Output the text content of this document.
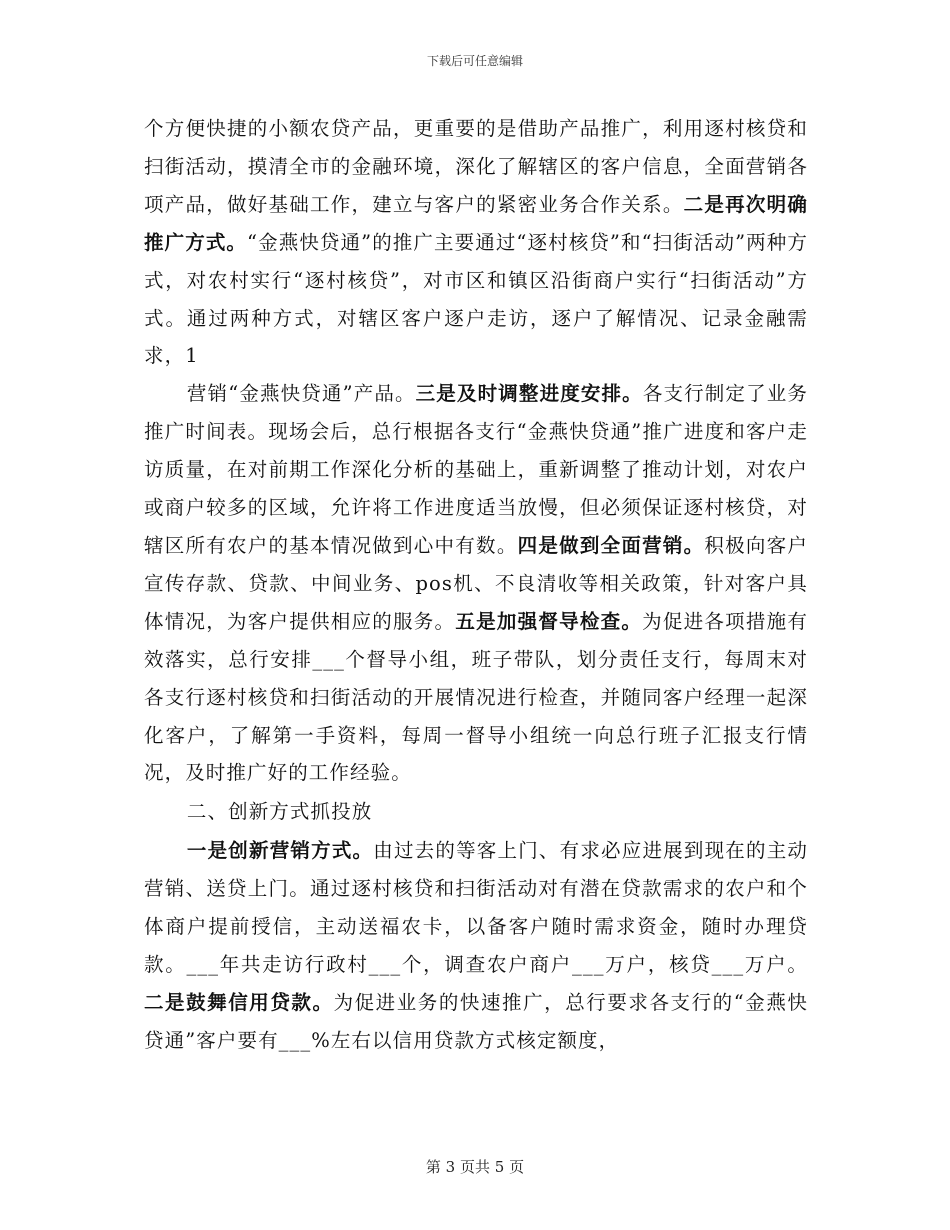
下载后可任意编辑

个方便快捷的小额农贷产品，更重要的是借助产品推广，利用逐村核贷和扫街活动，摸清全市的金融环境，深化了解辖区的客户信息，全面营销各项产品，做好基础工作，建立与客户的紧密业务合作关系。二是再次明确推广方式。“金燕快贷通”的推广主要通过“逐村核贷”和“扫街活动”两种方式，对农村实行“逐村核贷”，对市区和镇区沿街商户实行“扫街活动”方式。通过两种方式，对辖区客户逐户走访，逐户了解情况、记录金融需求，1

营销“金燕快贷通”产品。三是及时调整进度安排。各支行制定了业务推广时间表。现场会后，总行根据各支行“金燕快贷通”推广进度和客户走访质量，在对前期工作深化分析的基础上，重新调整了推动计划，对农户或商户较多的区域，允许将工作进度适当放慢，但必须保证逐村核贷，对辖区所有农户的基本情况做到心中有数。四是做到全面营销。积极向客户宣传存款、贷款、中间业务、pos机、不良清收等相关政策，针对客户具体情况，为客户提供相应的服务。五是加强督导检查。为促进各项措施有效落实，总行安排___个督导小组，班子带队，划分责任支行，每周末对各支行逐村核贷和扫街活动的开展情况进行检查，并随同客户经理一起深化客户，了解第一手资料，每周一督导小组统一向总行班子汇报支行情况，及时推广好的工作经验。

二、创新方式抓投放

一是创新营销方式。由过去的等客上门、有求必应进展到现在的主动营销、送贷上门。通过逐村核贷和扫街活动对有潜在贷款需求的农户和个体商户提前授信，主动送福农卡，以备客户随时需求资金，随时办理贷款。___年共走访行政村___个，调查农户商户___万户，核贷___万户。二是鼓舞信用贷款。为促进业务的快速推广，总行要求各支行的“金燕快贷通”客户要有___%左右以信用贷款方式核定额度，

第 3 页共 5 页
